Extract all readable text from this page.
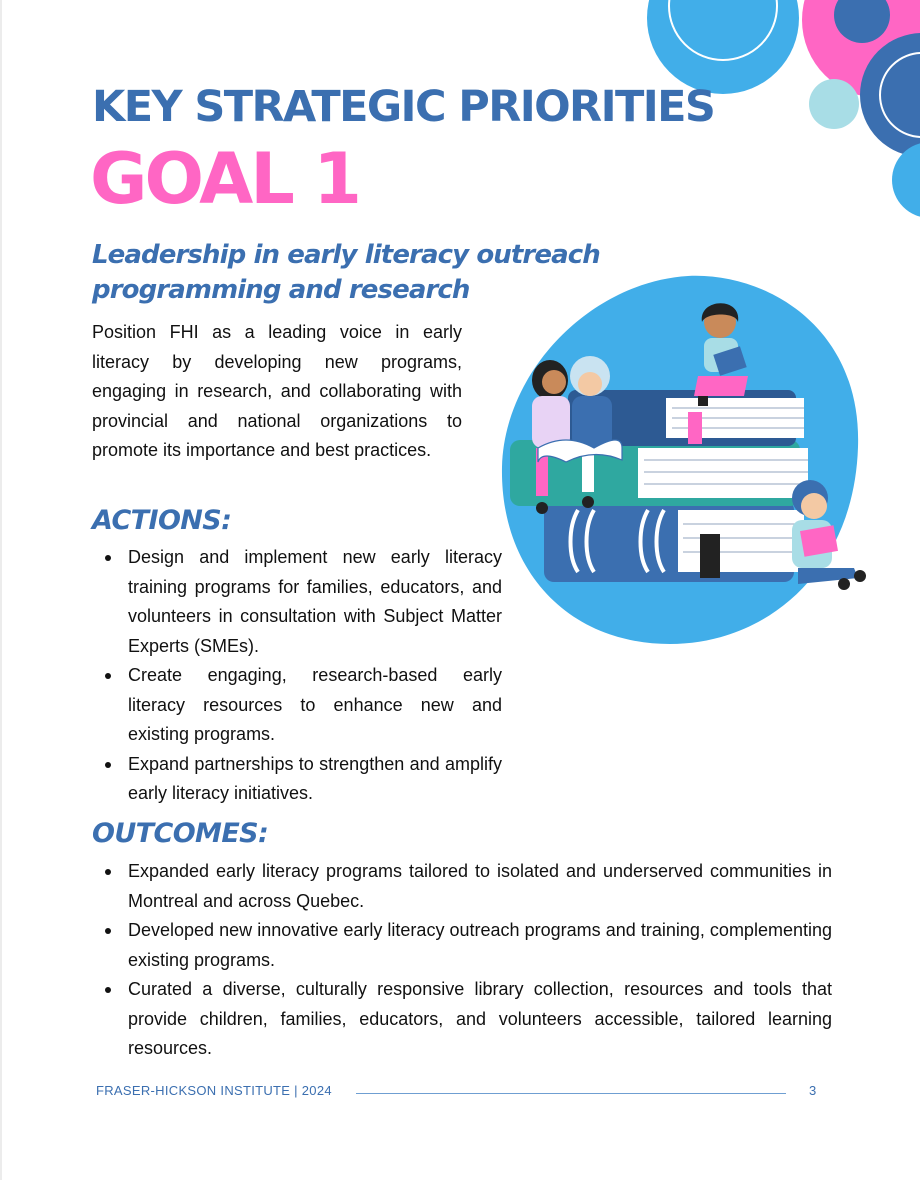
KEY STRATEGIC PRIORITIES
GOAL 1
Leadership in early literacy outreach programming and research

Position FHI as a leading voice in early literacy by developing new programs, engaging in research, and collaborating with provincial and national organizations to promote its importance and best practices.

ACTIONS:
Design and implement new early literacy training programs for families, educators, and volunteers in consultation with Subject Matter Experts (SMEs).
Create engaging, research-based early literacy resources to enhance new and existing programs.
Expand partnerships to strengthen and amplify early literacy initiatives.
OUTCOMES:
Expanded early literacy programs tailored to isolated and underserved communities in Montreal and across Quebec.
Developed new innovative early literacy outreach programs and training, complementing existing programs.
Curated a diverse, culturally responsive library collection, resources and tools that provide children, families, educators, and volunteers accessible, tailored learning resources.
FRASER-HICKSON INSTITUTE | 2024	3
